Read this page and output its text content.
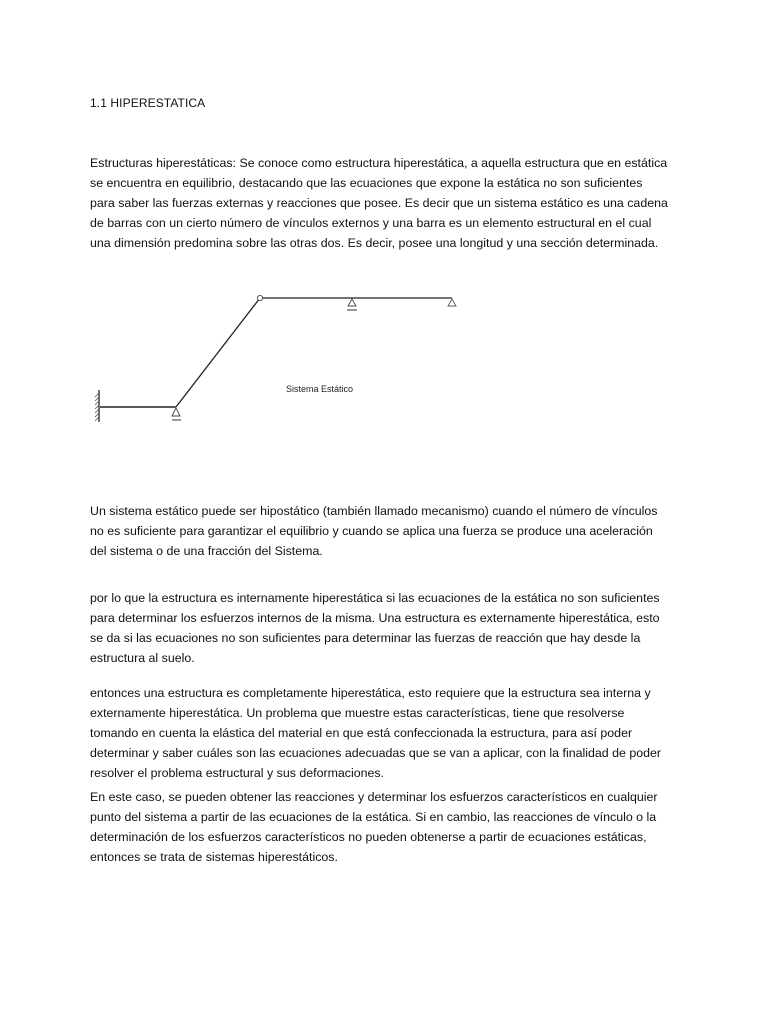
1.1 HIPERESTATICA

Estructuras hiperestáticas: Se conoce como estructura hiperestática, a aquella estructura que en estática
se encuentra en equilibrio, destacando que las ecuaciones que expone la estática no son suficientes
para saber las fuerzas externas y reacciones que posee. Es decir que un sistema estático es una cadena
de barras con un cierto número de vínculos externos y una barra es un elemento estructural en el cual
una dimensión predomina sobre las otras dos. Es decir, posee una longitud y una sección determinada.

Sistema Estático

Un sistema estático puede ser hipostático (también llamado mecanismo) cuando el número de vínculos
no es suficiente para garantizar el equilibrio y cuando se aplica una fuerza se produce una aceleración
del sistema o de una fracción del Sistema.

por lo que la estructura es internamente hiperestática si las ecuaciones de la estática no son suficientes
para determinar los esfuerzos internos de la misma. Una estructura es externamente hiperestática, esto
se da si las ecuaciones no son suficientes para determinar las fuerzas de reacción que hay desde la
estructura al suelo.

entonces una estructura es completamente hiperestática, esto requiere que la estructura sea interna y
externamente hiperestática. Un problema que muestre estas características, tiene que resolverse
tomando en cuenta la elástica del material en que está confeccionada la estructura, para así poder
determinar y saber cuáles son las ecuaciones adecuadas que se van a aplicar, con la finalidad de poder
resolver el problema estructural y sus deformaciones.

En este caso, se pueden obtener las reacciones y determinar los esfuerzos característicos en cualquier
punto del sistema a partir de las ecuaciones de la estática. Si en cambio, las reacciones de vínculo o la
determinación de los esfuerzos característicos no pueden obtenerse a partir de ecuaciones estáticas,
entonces se trata de sistemas hiperestáticos.
